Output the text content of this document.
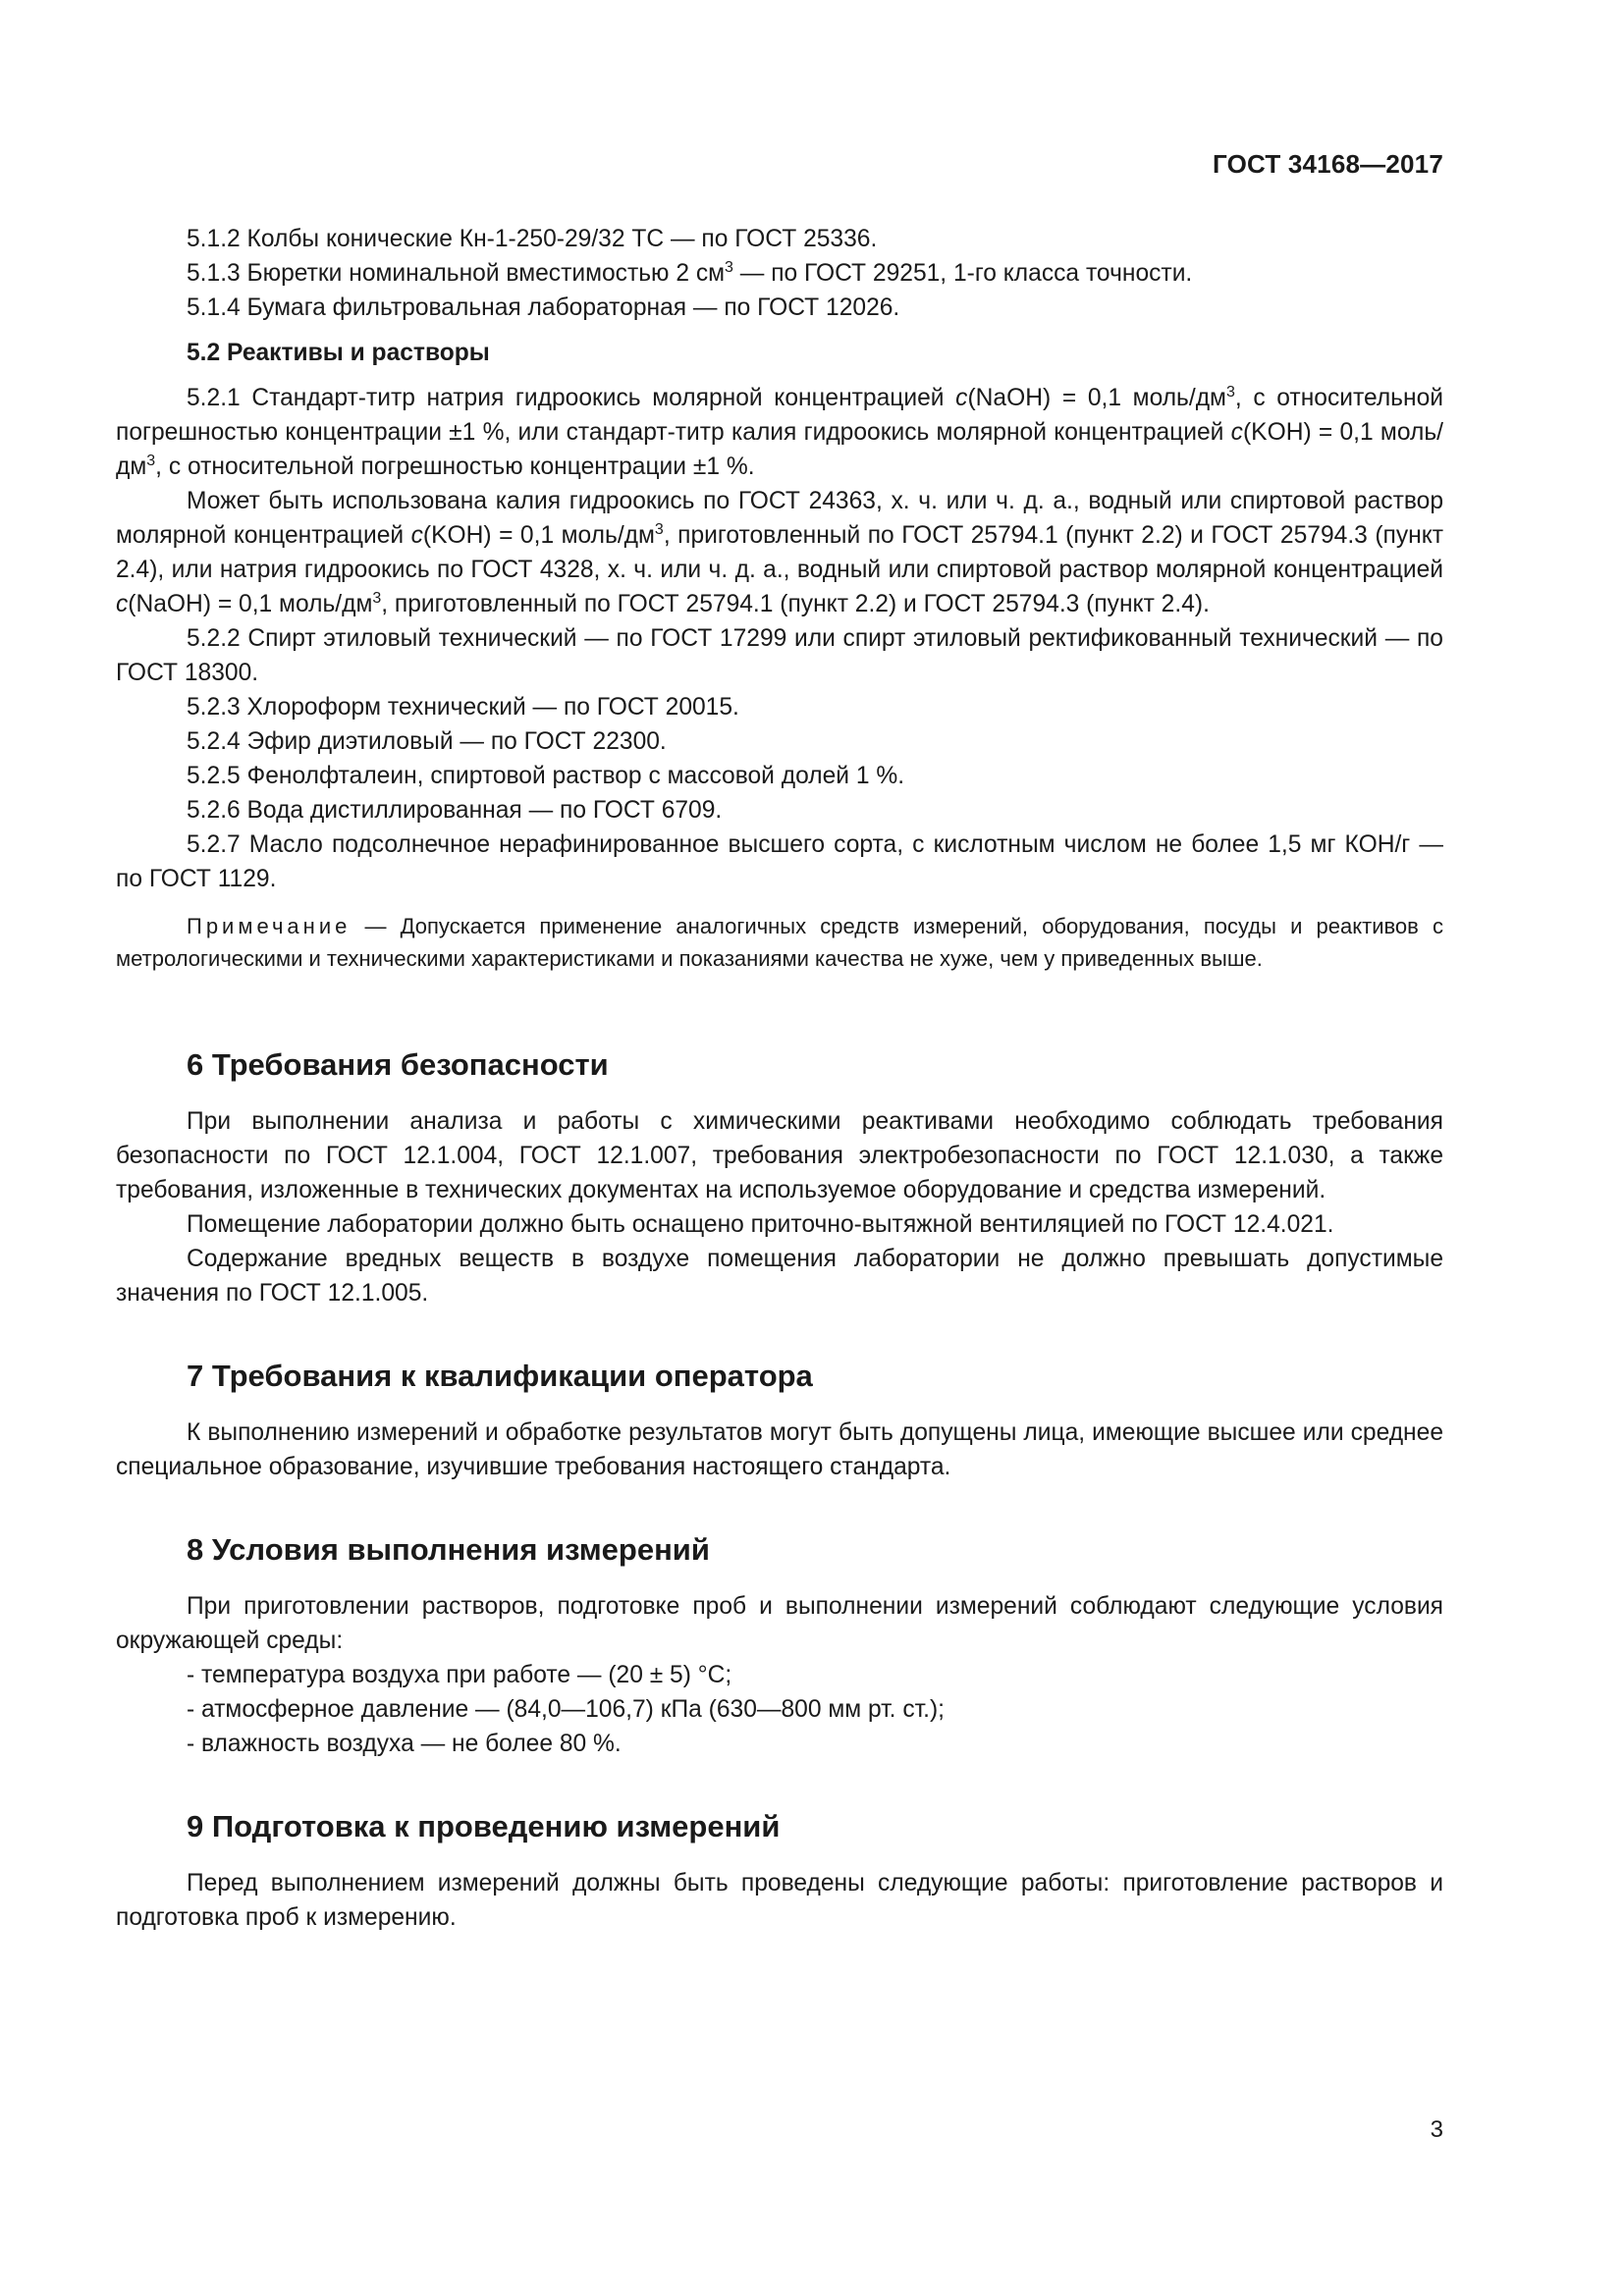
ГОСТ 34168—2017

5.1.2 Колбы конические Кн-1-250-29/32 ТС — по ГОСТ 25336.

5.1.3 Бюретки номинальной вместимостью 2 $см^3$ — по ГОСТ 29251, 1-го класса точности.

5.1.4 Бумага фильтровальная лабораторная — по ГОСТ 12026.

5.2 Реактивы и растворы

5.2.1 Стандарт-титр натрия гидроокись молярной концентрацией c(NaOH) = 0,1 моль/$дм^3$, с относительной погрешностью концентрации ±1 %, или стандарт-титр калия гидроокись молярной концентрацией c(KOH) = 0,1 моль/$дм^3$, с относительной погрешностью концентрации ±1 %.

Может быть использована калия гидроокись по ГОСТ 24363, х. ч. или ч. д. а., водный или спиртовой раствор молярной концентрацией c(KOH) = 0,1 моль/$дм^3$, приготовленный по ГОСТ 25794.1 (пункт 2.2) и ГОСТ 25794.3 (пункт 2.4), или натрия гидроокись по ГОСТ 4328, х. ч. или ч. д. а., водный или спиртовой раствор молярной концентрацией c(NaOH) = 0,1 моль/$дм^3$, приготовленный по ГОСТ 25794.1 (пункт 2.2) и ГОСТ 25794.3 (пункт 2.4).

5.2.2 Спирт этиловый технический — по ГОСТ 17299 или спирт этиловый ректификованный технический — по ГОСТ 18300.

5.2.3 Хлороформ технический — по ГОСТ 20015.

5.2.4 Эфир диэтиловый — по ГОСТ 22300.

5.2.5 Фенолфталеин, спиртовой раствор с массовой долей 1 %.

5.2.6 Вода дистиллированная — по ГОСТ 6709.

5.2.7 Масло подсолнечное нерафинированное высшего сорта, с кислотным числом не более 1,5 мг КОН/г — по ГОСТ 1129.

Примечание — Допускается применение аналогичных средств измерений, оборудования, посуды и реактивов с метрологическими и техническими характеристиками и показаниями качества не хуже, чем у приведенных выше.

6 Требования безопасности

При выполнении анализа и работы с химическими реактивами необходимо соблюдать требования безопасности по ГОСТ 12.1.004, ГОСТ 12.1.007, требования электробезопасности по ГОСТ 12.1.030, а также требования, изложенные в технических документах на используемое оборудование и средства измерений.

Помещение лаборатории должно быть оснащено приточно-вытяжной вентиляцией по ГОСТ 12.4.021.

Содержание вредных веществ в воздухе помещения лаборатории не должно превышать допустимые значения по ГОСТ 12.1.005.

7 Требования к квалификации оператора

К выполнению измерений и обработке результатов могут быть допущены лица, имеющие высшее или среднее специальное образование, изучившие требования настоящего стандарта.

8 Условия выполнения измерений

При приготовлении растворов, подготовке проб и выполнении измерений соблюдают следующие условия окружающей среды:

- температура воздуха при работе — (20 ± 5) °С;

- атмосферное давление — (84,0—106,7) кПа (630—800 мм рт. ст.);

- влажность воздуха — не более 80 %.

9 Подготовка к проведению измерений

Перед выполнением измерений должны быть проведены следующие работы: приготовление растворов и подготовка проб к измерению.

3
